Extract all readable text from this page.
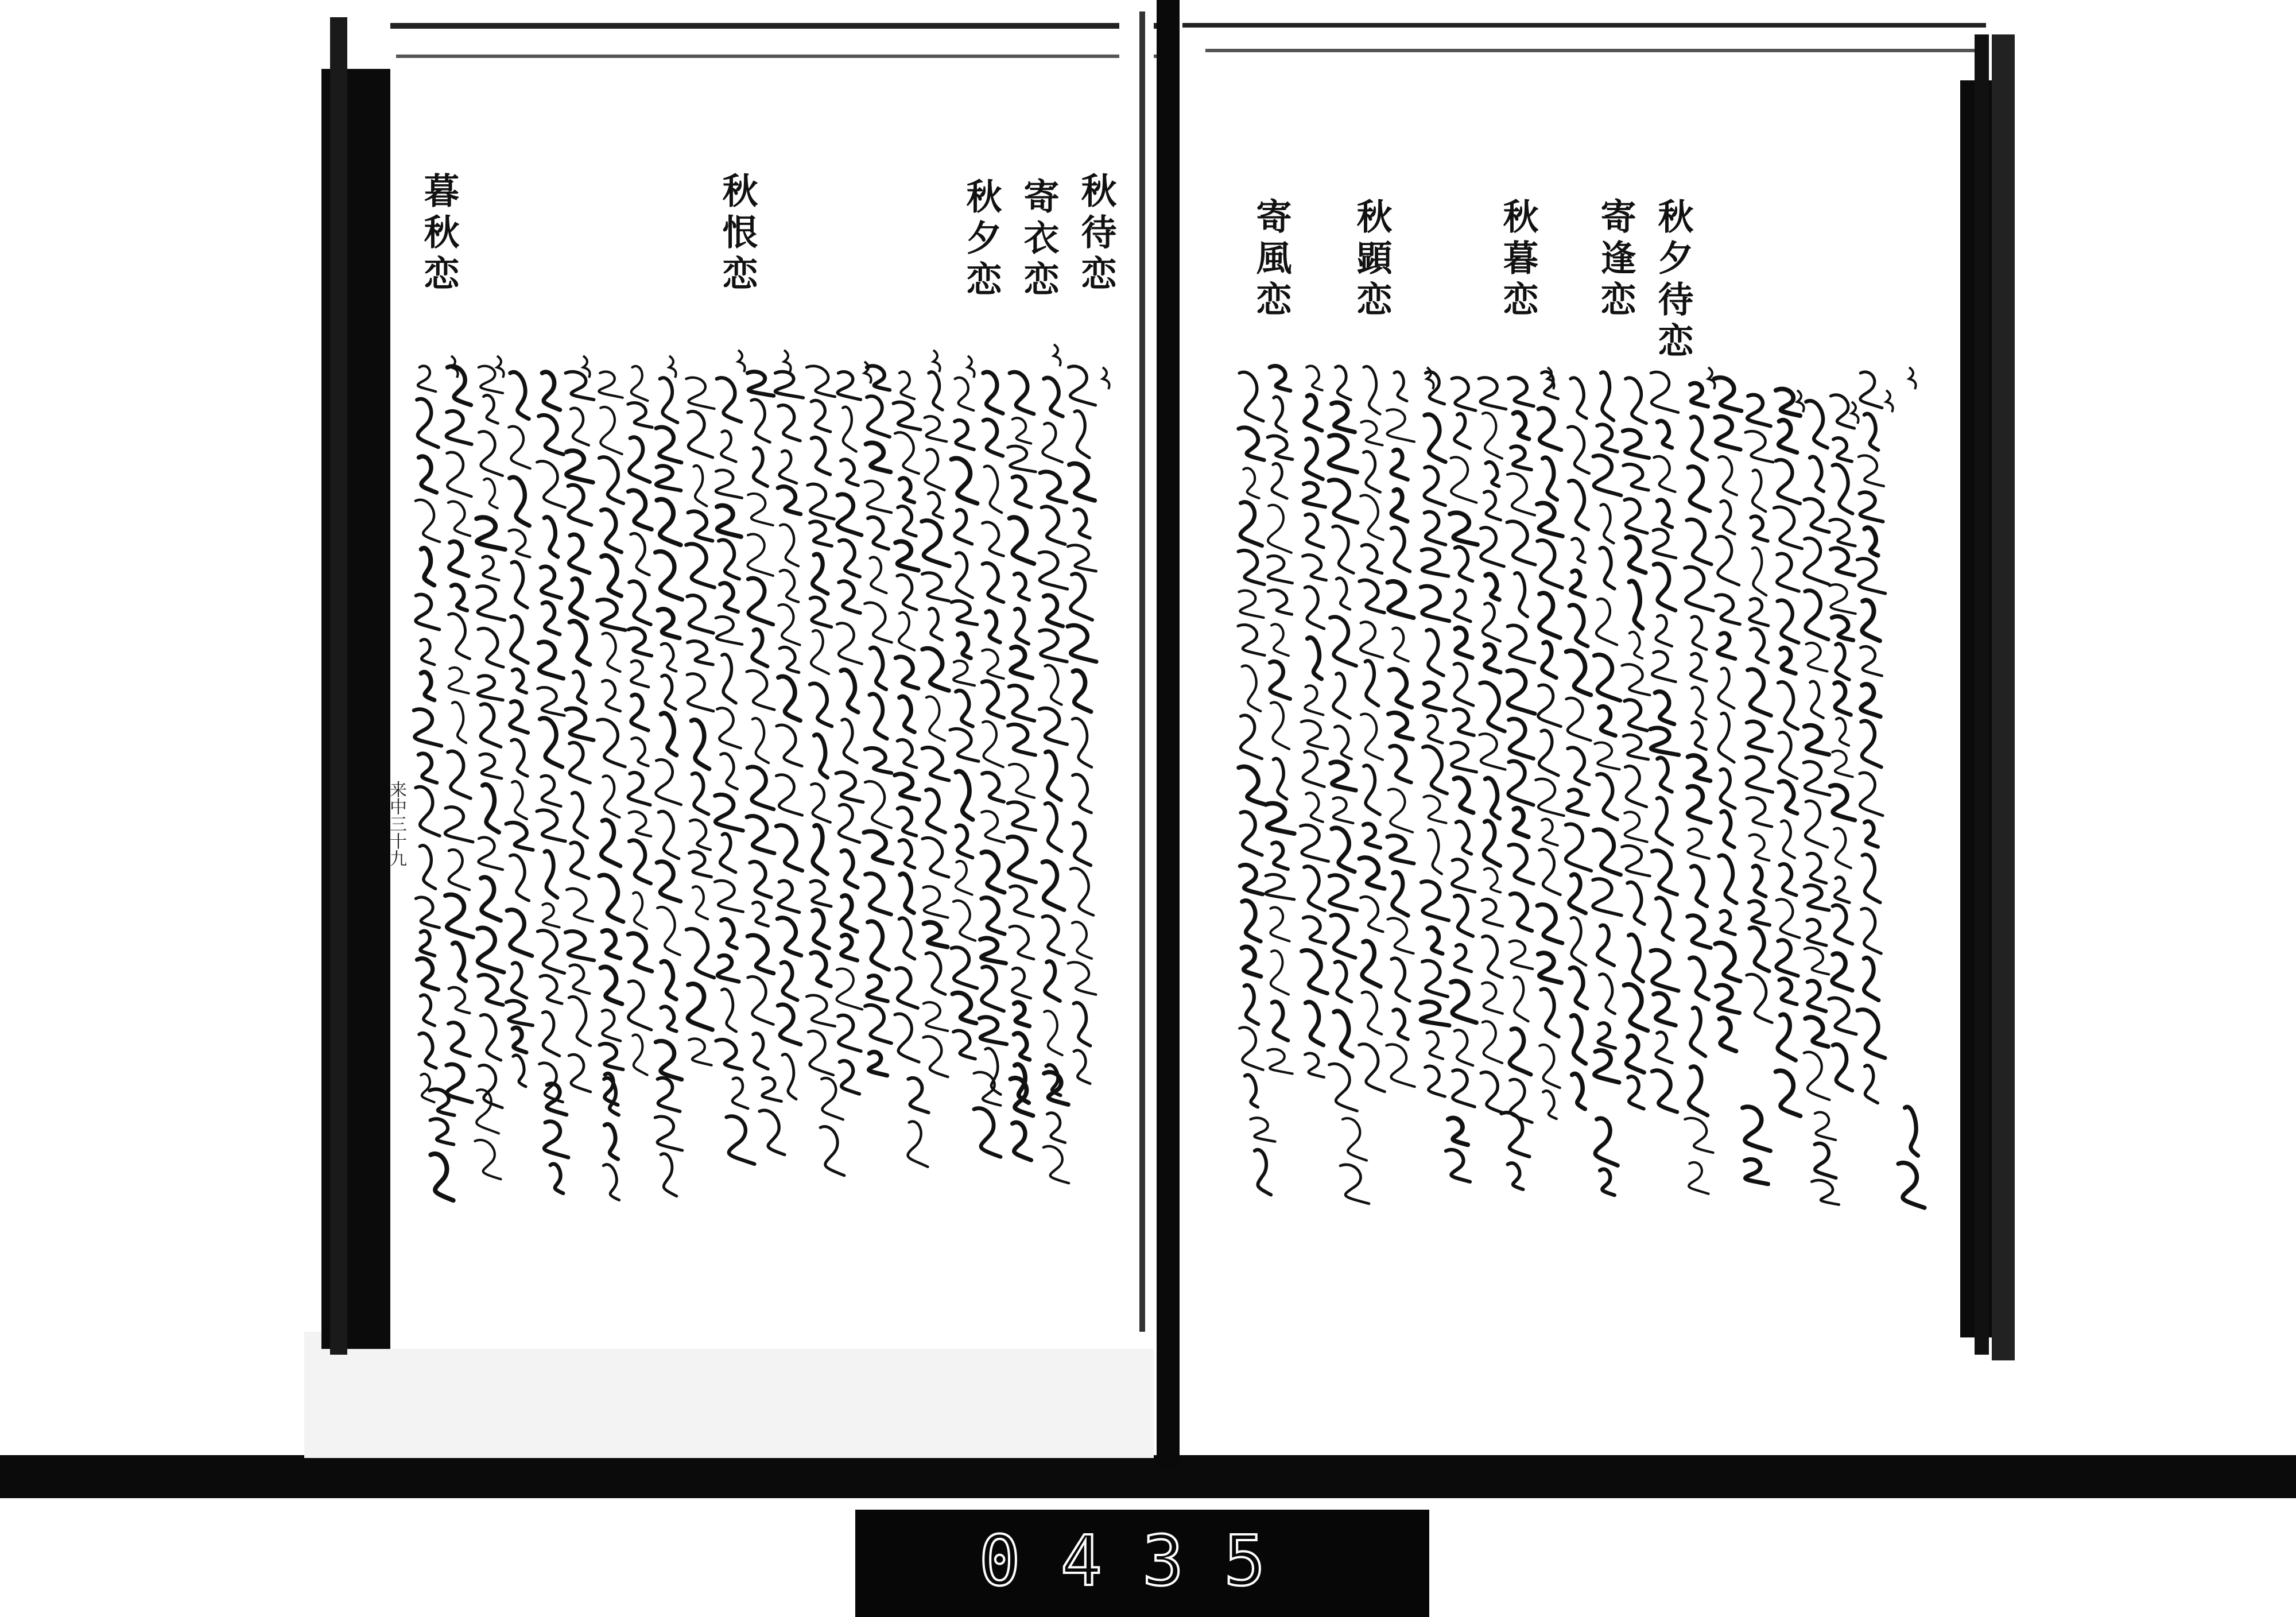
秋待恋
寄衣恋
秋夕恋
秋恨恋
暮秋恋
来中三十九
秋夕待恋
寄逢恋
秋暮恋
秋顕恋
寄風恋
0435
